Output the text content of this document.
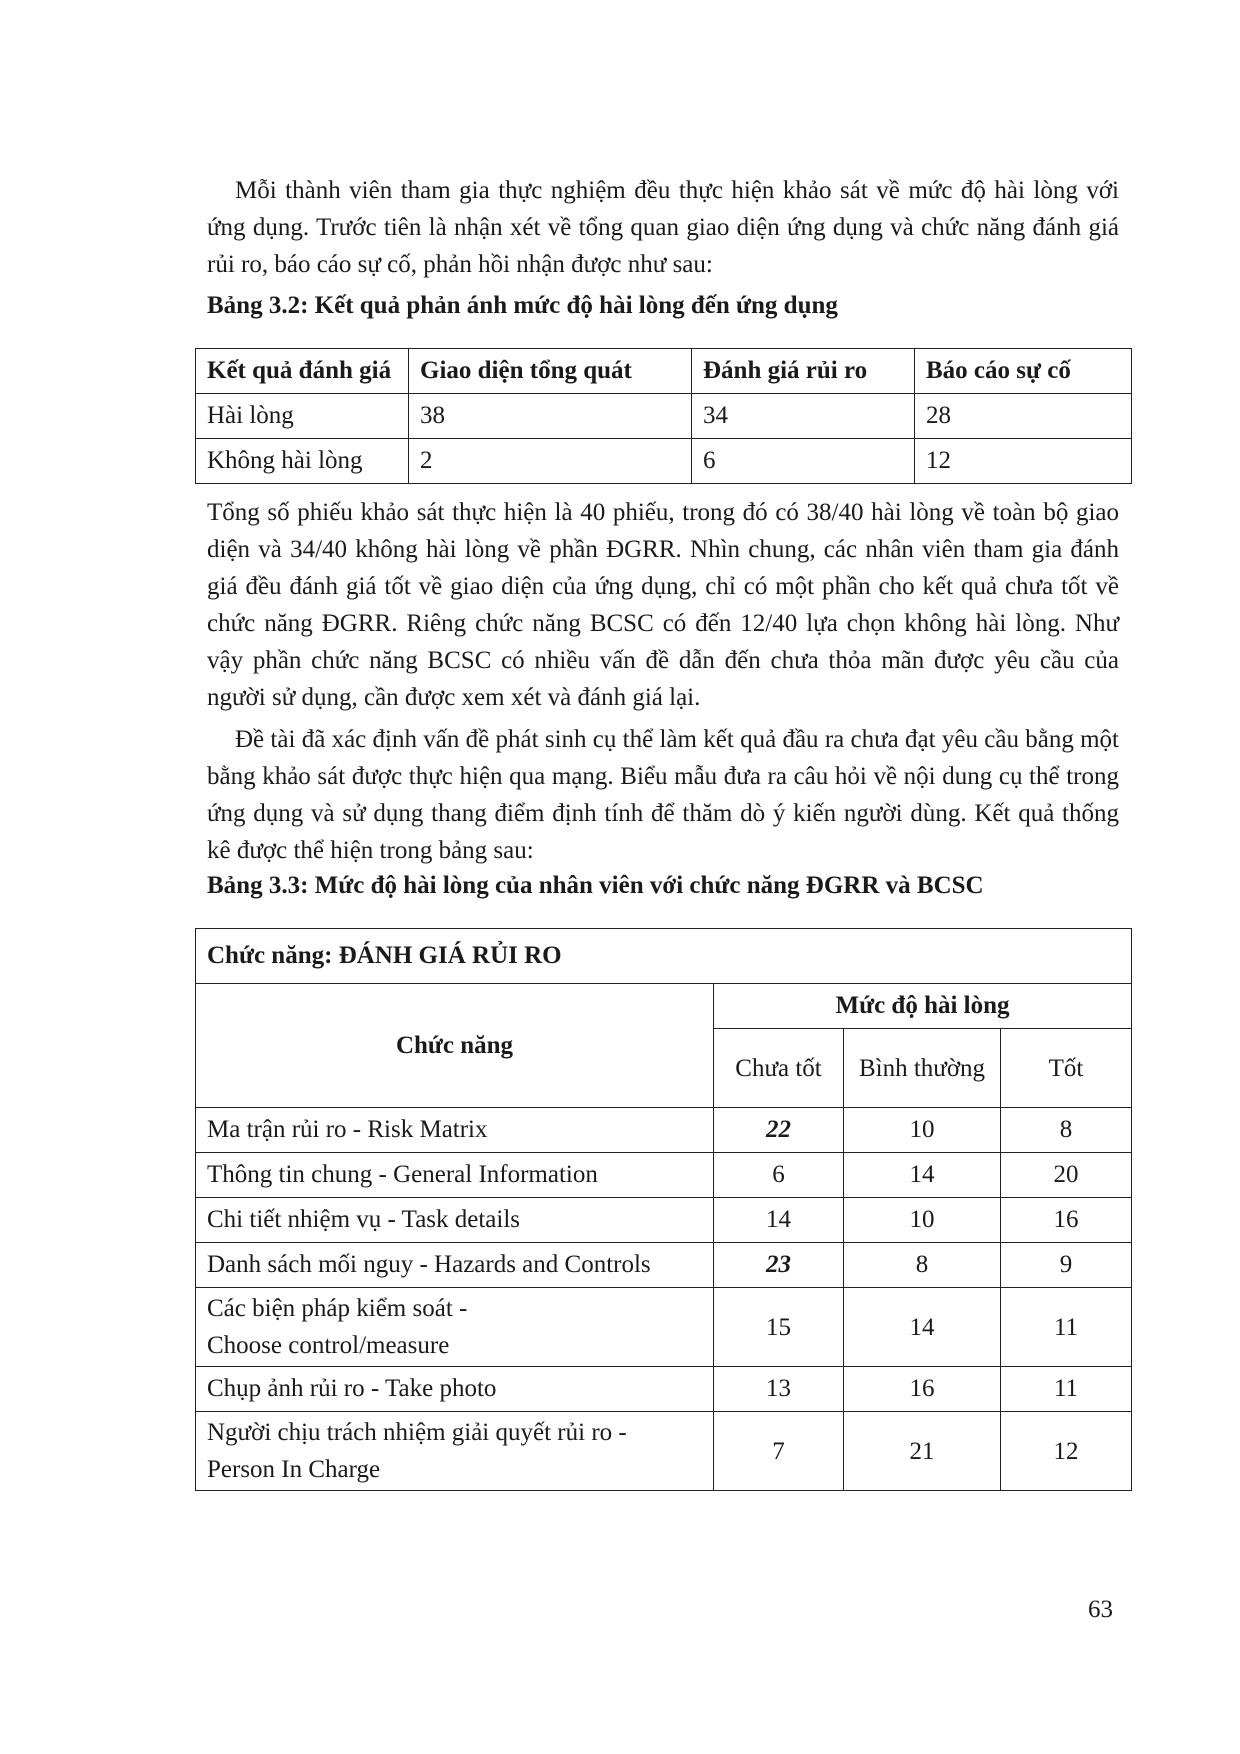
Mỗi thành viên tham gia thực nghiệm đều thực hiện khảo sát về mức độ hài lòng với ứng dụng. Trước tiên là nhận xét về tổng quan giao diện ứng dụng và chức năng đánh giá rủi ro, báo cáo sự cố, phản hồi nhận được như sau:

Bảng 3.2: Kết quả phản ánh mức độ hài lòng đến ứng dụng

Kết quả đánh giá	Giao diện tổng quát	Đánh giá rủi ro	Báo cáo sự cố
Hài lòng	38	34	28
Không hài lòng	2	6	12

Tổng số phiếu khảo sát thực hiện là 40 phiếu, trong đó có 38/40 hài lòng về toàn bộ giao diện và 34/40 không hài lòng về phần ĐGRR. Nhìn chung, các nhân viên tham gia đánh giá đều đánh giá tốt về giao diện của ứng dụng, chỉ có một phần cho kết quả chưa tốt về chức năng ĐGRR. Riêng chức năng BCSC có đến 12/40 lựa chọn không hài lòng. Như vậy phần chức năng BCSC có nhiều vấn đề dẫn đến chưa thỏa mãn được yêu cầu của người sử dụng, cần được xem xét và đánh giá lại.

Đề tài đã xác định vấn đề phát sinh cụ thể làm kết quả đầu ra chưa đạt yêu cầu bằng một bằng khảo sát được thực hiện qua mạng. Biểu mẫu đưa ra câu hỏi về nội dung cụ thể trong ứng dụng và sử dụng thang điểm định tính để thăm dò ý kiến người dùng. Kết quả thống kê được thể hiện trong bảng sau:

Bảng 3.3: Mức độ hài lòng của nhân viên với chức năng ĐGRR và BCSC

Chức năng: ĐÁNH GIÁ RỦI RO			
Chức năng	Mức độ hài lòng		
	Chưa tốt	Bình thường	Tốt
Ma trận rủi ro - Risk Matrix	22	10	8
Thông tin chung - General Information	6	14	20
Chi tiết nhiệm vụ - Task details	14	10	16
Danh sách mối nguy - Hazards and Controls	23	8	9
Các biện pháp kiểm soát -
Choose control/measure	15	14	11
Chụp ảnh rủi ro - Take photo	13	16	11
Người chịu trách nhiệm giải quyết rủi ro -
Person In Charge	7	21	12
63
